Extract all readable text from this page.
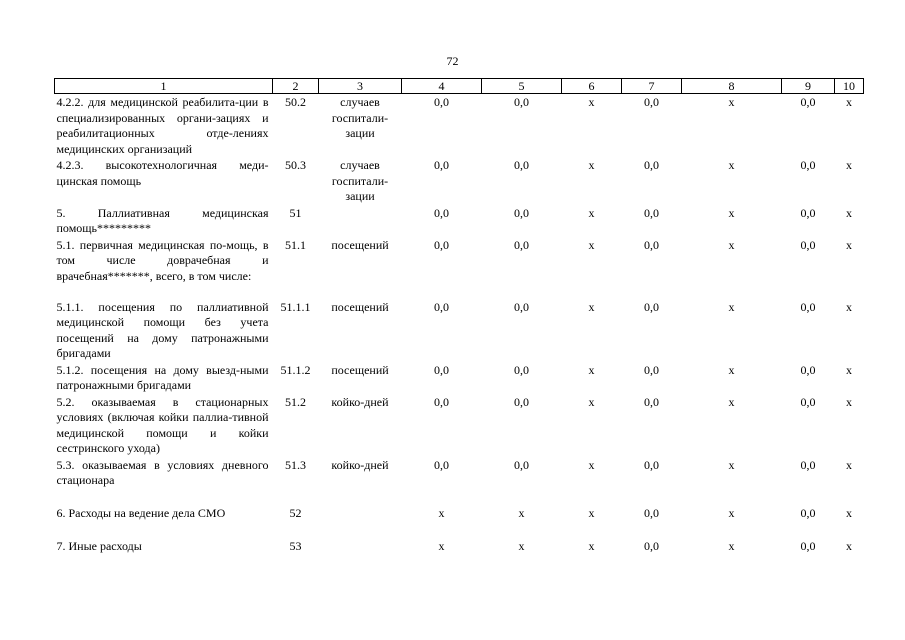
72
1	2	3	4	5	6	7	8	9	10
4.2.2. для медицинской реабилита-ции в специализированных органи-зациях и реабилитационных отде-лениях медицинских организаций	50.2	случаев госпитали-зации	0,0	0,0	х	0,0	х	0,0	х
4.2.3. высокотехнологичная меди-цинская помощь	50.3	случаев госпитали-зации	0,0	0,0	х	0,0	х	0,0	х
5. Паллиативная медицинская помощь*********	51		0,0	0,0	х	0,0	х	0,0	х
5.1. первичная медицинская по-мощь, в том числе доврачебная и врачебная*******, всего, в том числе:	51.1	посещений	0,0	0,0	х	0,0	х	0,0	х
5.1.1. посещения по паллиативной медицинской помощи без учета посещений на дому патронажными бригадами	51.1.1	посещений	0,0	0,0	х	0,0	х	0,0	х
5.1.2. посещения на дому выезд-ными патронажными бригадами	51.1.2	посещений	0,0	0,0	х	0,0	х	0,0	х
5.2. оказываемая в стационарных условиях (включая койки паллиа-тивной медицинской помощи и койки сестринского ухода)	51.2	койко-дней	0,0	0,0	х	0,0	х	0,0	х
5.3. оказываемая в условиях дневного стационара	51.3	койко-дней	0,0	0,0	х	0,0	х	0,0	х
6. Расходы на ведение дела СМО	52		х	х	х	0,0	х	0,0	х
7. Иные расходы	53		х	х	х	0,0	х	0,0	х
